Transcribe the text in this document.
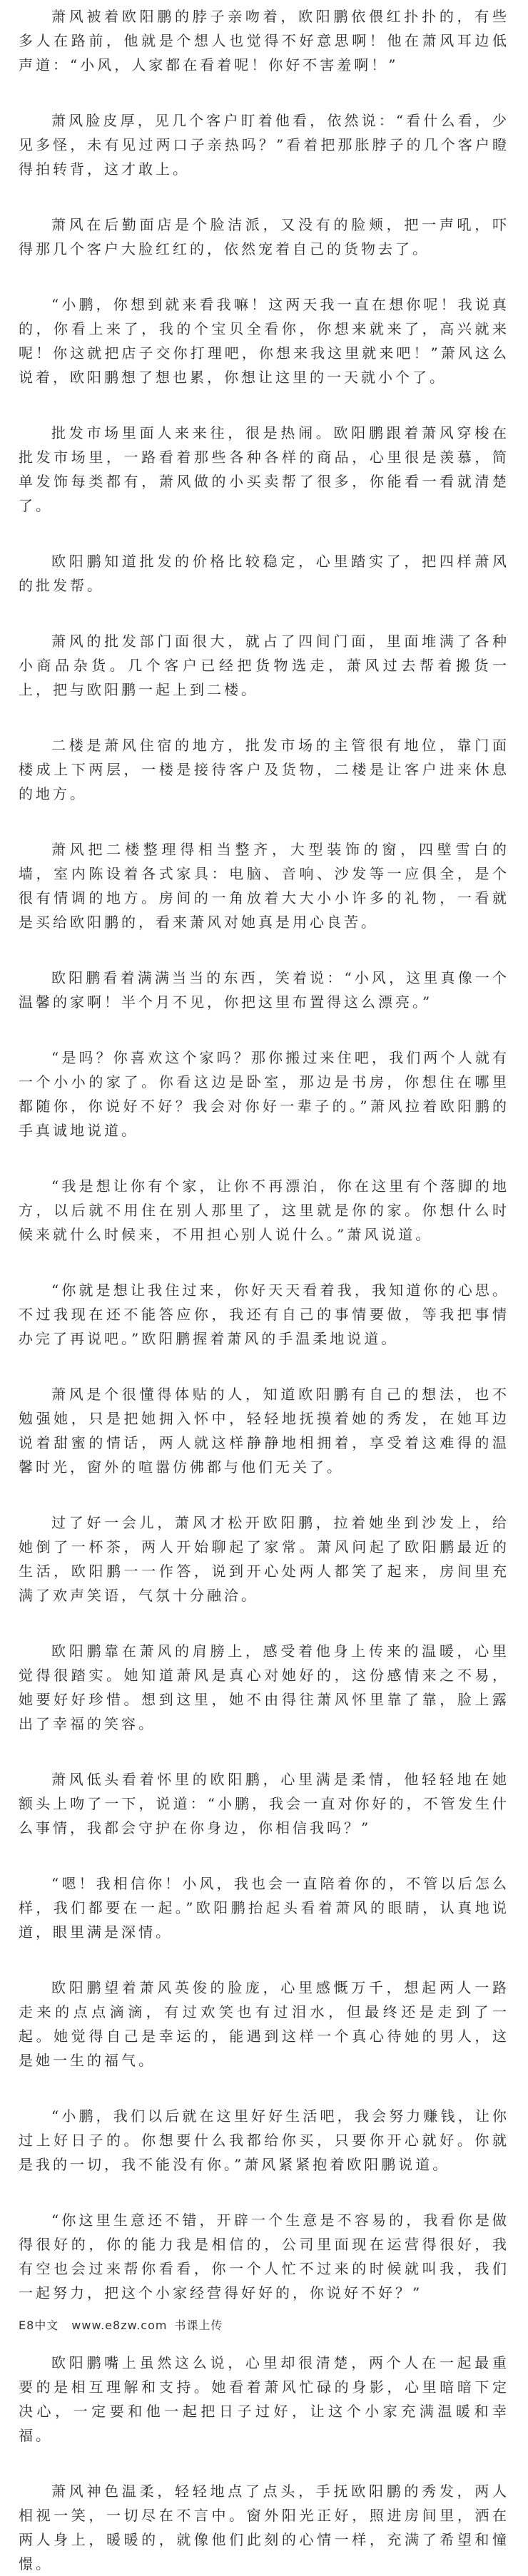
萧风被着欧阳鹏的脖子亲吻着，欧阳鹏依偎红扑扑的，有些多人在路前，他就是个想人也觉得不好意思啊！他在萧风耳边低声道：“小风，人家都在看着呢！你好不害羞啊！”

萧风脸皮厚，见几个客户盯着他看，依然说：“看什么看，少见多怪，未有见过两口子亲热吗？”看着把那胀脖子的几个客户瞪得拍转背，这才敢上。

萧风在后勤面店是个脸洁派，又没有的脸颊，把一声吼，吓得那几个客户大脸红红的，依然宠着自己的货物去了。

“小鹏，你想到就来看我嘛！这两天我一直在想你呢！我说真的，你看上来了，我的个宝贝全看你，你想来就来了，高兴就来呢！你这就把店子交你打理吧，你想来我这里就来吧！”萧风这么说着，欧阳鹏想了想也累，你想让这里的一天就小个了。

批发市场里面人来来往，很是热闹。欧阳鹏跟着萧风穿梭在批发市场里，一路看着那些各种各样的商品，心里很是羡慕，简单发饰每类都有，萧风做的小买卖帮了很多，你能看一看就清楚了。

欧阳鹏知道批发的价格比较稳定，心里踏实了，把四样萧风的批发帮。

萧风的批发部门面很大，就占了四间门面，里面堆满了各种小商品杂货。几个客户已经把货物选走，萧风过去帮着搬货一上，把与欧阳鹏一起上到二楼。

二楼是萧风住宿的地方，批发市场的主管很有地位，靠门面楼成上下两层，一楼是接待客户及货物，二楼是让客户进来休息的地方。

萧风把二楼整理得相当整齐，大型装饰的窗，四壁雪白的墙，室内陈设着各式家具：电脑、音响、沙发等一应俱全，是个很有情调的地方。房间的一角放着大大小小许多的礼物，一看就是买给欧阳鹏的，看来萧风对她真是用心良苦。

欧阳鹏看着满满当当的东西，笑着说：“小风，这里真像一个温馨的家啊！半个月不见，你把这里布置得这么漂亮。”

“是吗？你喜欢这个家吗？那你搬过来住吧，我们两个人就有一个小小的家了。你看这边是卧室，那边是书房，你想住在哪里都随你，你说好不好？我会对你好一辈子的。”萧风拉着欧阳鹏的手真诚地说道。

“我是想让你有个家，让你不再漂泊，你在这里有个落脚的地方，以后就不用住在别人那里了，这里就是你的家。你想什么时候来就什么时候来，不用担心别人说什么。”萧风说道。

“你就是想让我住过来，你好天天看着我，我知道你的心思。不过我现在还不能答应你，我还有自己的事情要做，等我把事情办完了再说吧。”欧阳鹏握着萧风的手温柔地说道。

萧风是个很懂得体贴的人，知道欧阳鹏有自己的想法，也不勉强她，只是把她拥入怀中，轻轻地抚摸着她的秀发，在她耳边说着甜蜜的情话，两人就这样静静地相拥着，享受着这难得的温馨时光，窗外的喧嚣仿佛都与他们无关了。

过了好一会儿，萧风才松开欧阳鹏，拉着她坐到沙发上，给她倒了一杯茶，两人开始聊起了家常。萧风问起了欧阳鹏最近的生活，欧阳鹏一一作答，说到开心处两人都笑了起来，房间里充满了欢声笑语，气氛十分融洽。

欧阳鹏靠在萧风的肩膀上，感受着他身上传来的温暖，心里觉得很踏实。她知道萧风是真心对她好的，这份感情来之不易，她要好好珍惜。想到这里，她不由得往萧风怀里靠了靠，脸上露出了幸福的笑容。

萧风低头看着怀里的欧阳鹏，心里满是柔情，他轻轻地在她额头上吻了一下，说道：“小鹏，我会一直对你好的，不管发生什么事情，我都会守护在你身边，你相信我吗？”

“嗯！我相信你！小风，我也会一直陪着你的，不管以后怎么样，我们都要在一起。”欧阳鹏抬起头看着萧风的眼睛，认真地说道，眼里满是深情。

欧阳鹏望着萧风英俊的脸庞，心里感慨万千，想起两人一路走来的点点滴滴，有过欢笑也有过泪水，但最终还是走到了一起。她觉得自己是幸运的，能遇到这样一个真心待她的男人，这是她一生的福气。

“小鹏，我们以后就在这里好好生活吧，我会努力赚钱，让你过上好日子的。你想要什么我都给你买，只要你开心就好。你就是我的一切，我不能没有你。”萧风紧紧抱着欧阳鹏说道。

“你这里生意还不错，开辟一个生意是不容易的，我看你是做得很好的，你的能力我是相信的，公司里面现在运营得很好，我有空也会过来帮你看看，你一个人忙不过来的时候就叫我，我们一起努力，把这个小家经营得好好的，你说好不好？”

E8中文 www.e8zw.com 书课上传

欧阳鹏嘴上虽然这么说，心里却很清楚，两个人在一起最重要的是相互理解和支持。她看着萧风忙碌的身影，心里暗暗下定决心，一定要和他一起把日子过好，让这个小家充满温暖和幸福。

萧风神色温柔，轻轻地点了点头，手抚欧阳鹏的秀发，两人相视一笑，一切尽在不言中。窗外阳光正好，照进房间里，洒在两人身上，暖暖的，就像他们此刻的心情一样，充满了希望和憧憬。
